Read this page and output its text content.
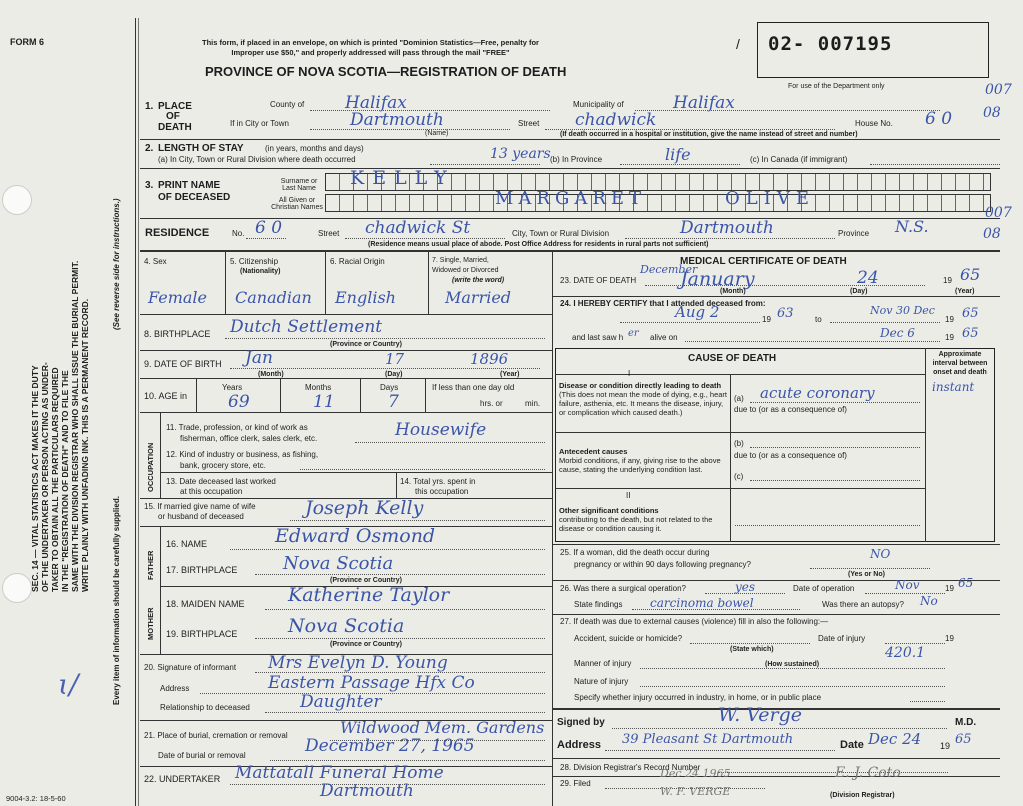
FORM 6	This form, if placed in an envelope, on which is printed "Dominion Statistics—Free, penalty for Improper use $50," and properly addressed will pass through the mail "FREE"
PROVINCE OF NOVA SCOTIA—REGISTRATION OF DEATH
02- 007195
/
For use of the Department only
SEC. 14 — VITAL STATISTICS ACT MAKES IT THE DUTY OF THE UNDERTAKER OR PERSON ACTING AS UNDER- TAKER TO OBTAIN ALL THE PARTICULARS REQUIRED IN THE "REGISTRATION OF DEATH" AND TO FILE THE SAME WITH THE DIVISION REGISTRAR WHO SHALL ISSUE THE BURIAL PERMIT. WRITE PLAINLY WITH UNFADING INK. THIS IS A PERMANENT RECORD.
Every item of information should be carefully supplied.
(See reverse side for instructions.)
ɩ/
1. PLACE
OF
DEATH
County of Halifax	Municipality of	Halifax
If in City or Town	Dartmouth
(Name)
Street chadwick	House No. 6 0
(If death occurred in a hospital or institution, give the name instead of street and number)
007
08
2. LENGTH OF STAY	(in years, months and days)
(a) In City, Town or Rural Division where death occurred	13 years (b) In Province	life	(c) In Canada (if immigrant)
3. PRINT NAME
OF DECEASED
Surname or
Last Name	KELLY
All Given or
Christian Names	MARGARET	OLIVE
RESIDENCE	No. 6 0	Street chadwick St	City, Town or Rural Division	Dartmouth	Province N.S.
(Residence means usual place of abode. Post Office Address for residents in rural parts not sufficient)
007
08
4. Sex	5. Citizenship
(Nationality)
6. Racial Origin	7. Single, Married,
Widowed or Divorced
(write the word)
Female Canadian English	Married
8. BIRTHPLACE Dutch Settlement
(Province or Country)
9. DATE OF BIRTH Jan	17	1896
(Month)	(Day)	(Year)
10. AGE in
Years	Months	Days	If less than one day old
hrs. or	min.
69	11	7
OCCUPATION
11. Trade, profession, or kind of work as
fisherman, office clerk, sales clerk, etc.	Housewife
12. Kind of industry or business, as fishing,
bank, grocery store, etc.
13. Date deceased last worked
at this occupation
14. Total yrs. spent in
this occupation
15. If married give name of wife
or husband of deceased	Joseph Kelly
FATHER
16. NAME	Edward Osmond
17. BIRTHPLACE	Nova Scotia
(Province or Country)
MOTHER
18. MAIDEN NAME Katherine Taylor
19. BIRTHPLACE	Nova Scotia
(Province or Country)
20. Signature of informant Mrs Evelyn D. Young
Address	Eastern Passage Hfx Co
Relationship to deceased	Daughter
21. Place of burial, cremation or removal	Wildwood Mem. Gardens
Date of burial or removal	December 27, 1965
22. UNDERTAKER Mattatall Funeral Home
Dartmouth
9004-3.2: 18-5-60
MEDICAL CERTIFICATE OF DEATH
23. DATE OF DEATH
December
January	24	19 65
(Month)	(Day)	(Year)
24. I HEREBY CERTIFY that I attended deceased from:
Aug 2	19 63	to
Nov 30 Dec
19 65
and last saw h er alive on	Dec 6	19 65
CAUSE OF DEATH	Approximate interval between onset and death
Disease or condition directly leading to death (This does not mean the mode of dying, e.g., heart failure, asthenia, etc. It means the disease, injury, or complication which caused death.)
I
(a) acute coronary	instant
due to (or as a consequence of)
Antecedent causes
Morbid conditions, if any, giving rise to the above cause, stating the underlying condition last.
(b)
due to (or as a consequence of)
(c)
II
Other significant conditions
contributing to the death, but not related to the disease or condition causing it.
25. If a woman, did the death occur during
pregnancy or within 90 days following pregnancy?
NO
(Yes or No)
26. Was there a surgical operation?	yes	Date of operation	Nov	19 65
State findings carcinoma bowel	Was there an autopsy? No
27. If death was due to external causes (violence) fill in also the following:—
Accident, suicide or homicide?
(State which)
Date of injury	19
Manner of injury
420.1
(How sustained)
Nature of injury
Specify whether injury occurred in industry, in home, or in public place
Signed by	W. Verge	M.D.
Address 39 Pleasant St Dartmouth	Date Dec 24 19 65
28. Division Registrar's Record Number
29. Filed
Dec 24 1965	E. J. Coto
(Division Registrar)
W. F. VERGE
